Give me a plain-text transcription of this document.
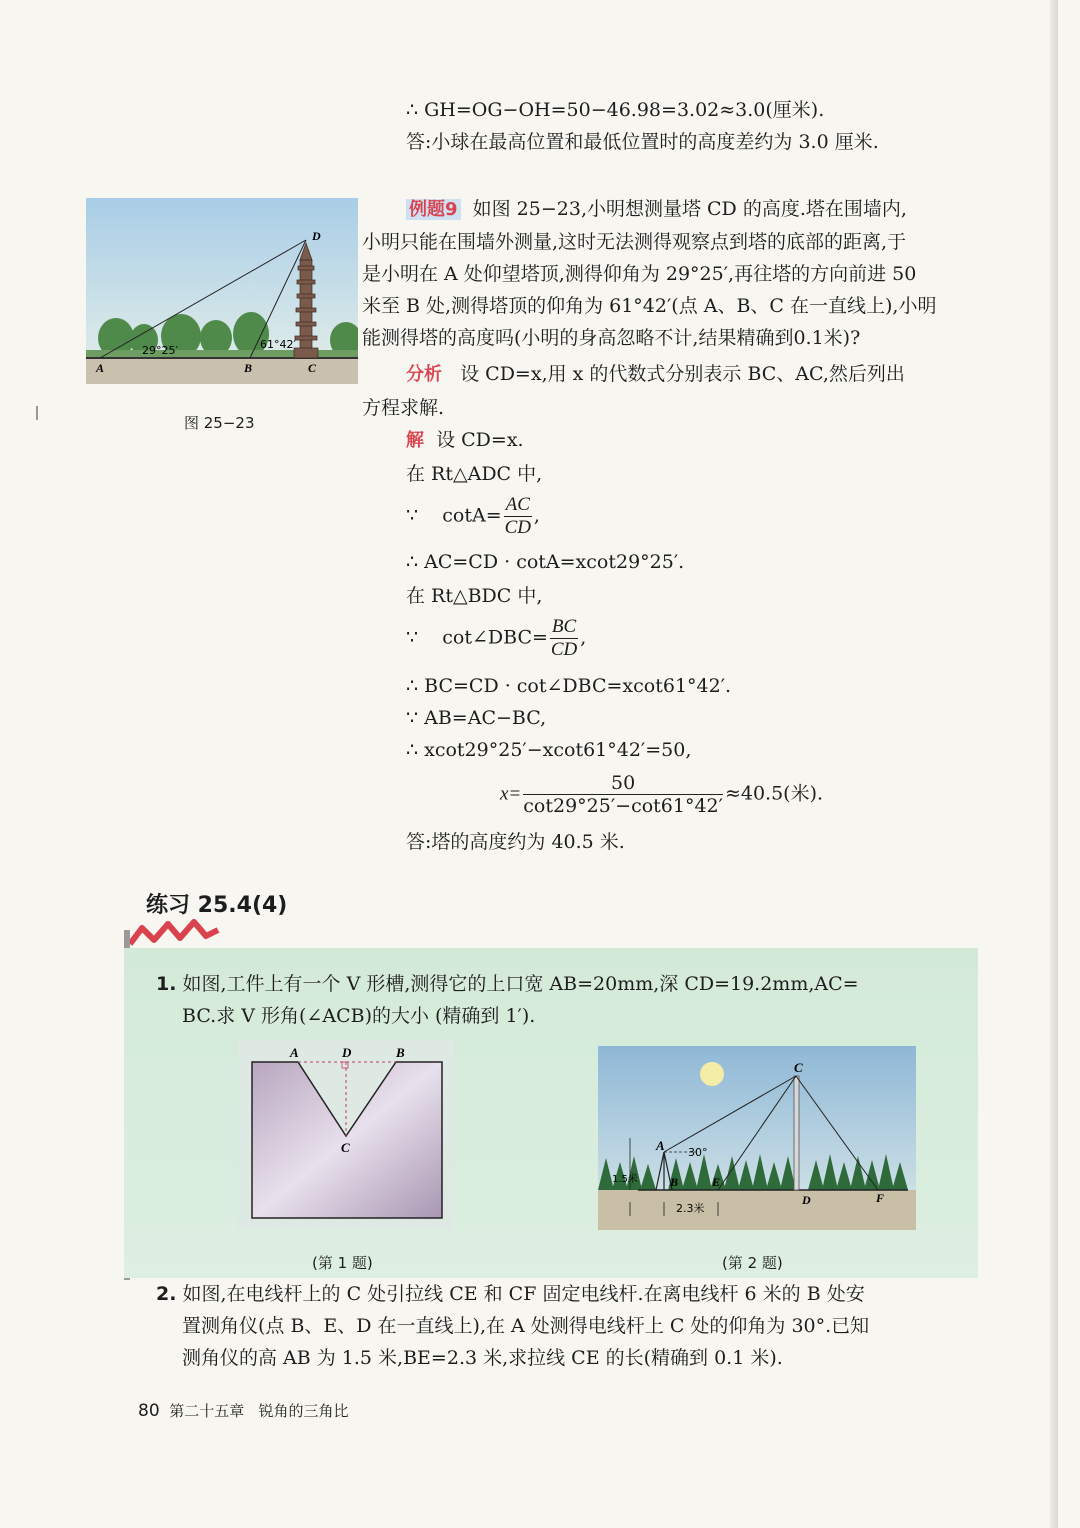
∴ GH=OG−OH=50−46.98=3.02≈3.0(厘米).
答:小球在最高位置和最低位置时的高度差约为 3.0 厘米.
D
A	B	C
29°25′	61°42′
图 25−23
例题9 如图 25−23,小明想测量塔 CD 的高度.塔在围墙内,
小明只能在围墙外测量,这时无法测得观察点到塔的底部的距离,于
是小明在 A 处仰望塔顶,测得仰角为 29°25′,再往塔的方向前进 50
米至 B 处,测得塔顶的仰角为 61°42′(点 A、B、C 在一直线上),小明
能测得塔的高度吗(小明的身高忽略不计,结果精确到0.1米)?
分析 设 CD=x,用 x 的代数式分别表示 BC、AC,然后列出
方程求解.
解 设 CD=x.
在 Rt△ADC 中,
∵ $\cot A= \frac{AC}{CD}$ ,
∴ AC=CD · cotA=xcot29°25′.
在 Rt△BDC 中,
∵ cot∠DBC= $\frac{BC}{CD}$ ,
∴ BC=CD · cot∠DBC=xcot61°42′.
∵ AB=AC−BC,
∴ xcot29°25′−xcot61°42′=50,
$x= \frac{50}{\cot 29^\circ 25'-\cot 61^\circ 42'} \approx 40.5$(米).
答:塔的高度约为 40.5 米.
练习 25.4(4)
1. 如图,工件上有一个 V 形槽,测得它的上口宽 AB=20mm,深 CD=19.2mm,AC=
BC.求 V 形角(∠ACB)的大小 (精确到 1′).
A	D	B
C
(第 1 题)
C
A
B	E
D	F
30°
1.5米
2.3米
(第 2 题)
2. 如图,在电线杆上的 C 处引拉线 CE 和 CF 固定电线杆.在离电线杆 6 米的 B 处安
置测角仪(点 B、E、D 在一直线上),在 A 处测得电线杆上 C 处的仰角为 30°.已知
测角仪的高 AB 为 1.5 米,BE=2.3 米,求拉线 CE 的长(精确到 0.1 米).
80 第二十五章 锐角的三角比
